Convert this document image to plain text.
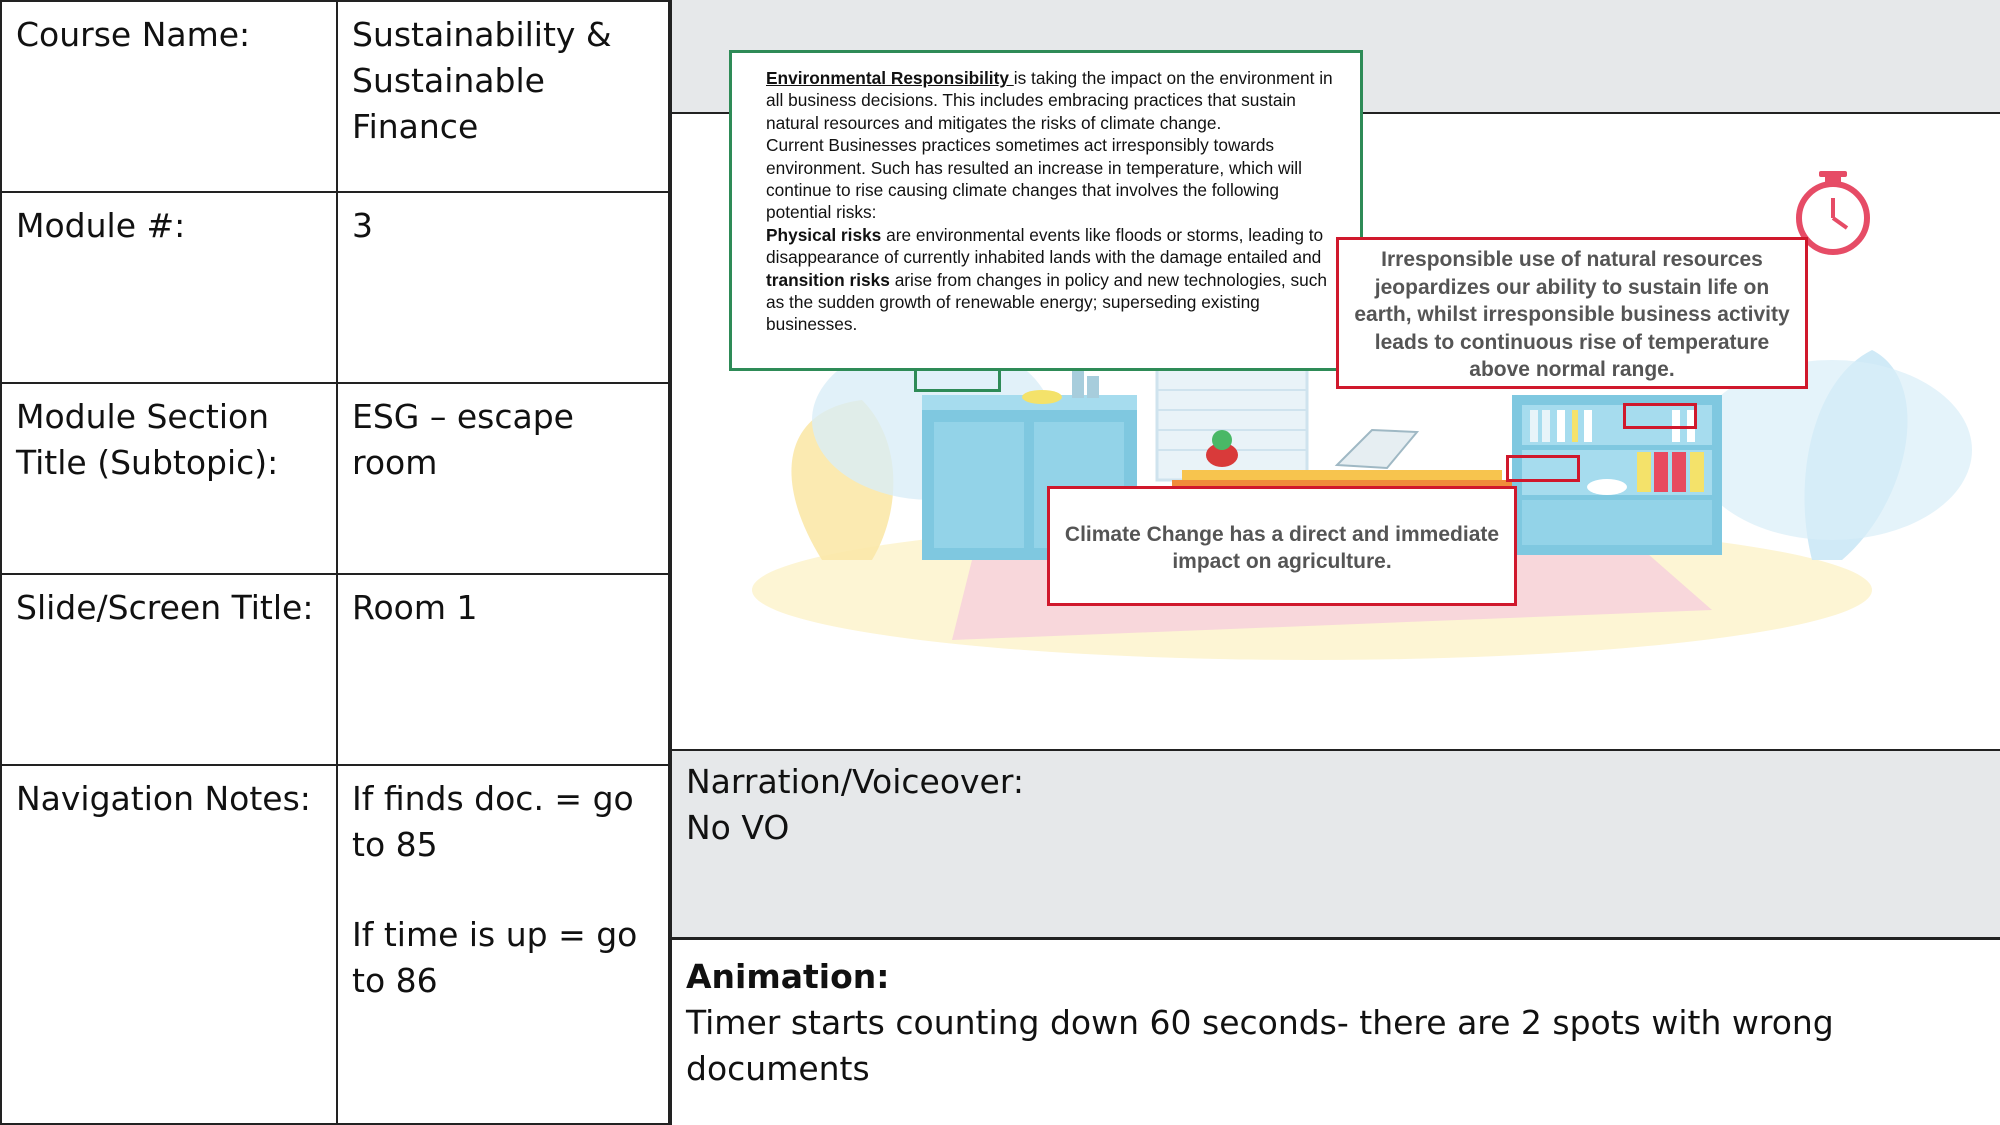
Course Name:	Sustainability & Sustainable Finance
Module #:	3
Module Section Title (Subtopic):	ESG – escape room
Slide/Screen Title:	Room 1
Navigation Notes:	If finds doc. = go to 85
If time is up = go to 86
Environmental Responsibility is taking the impact on the environment in all business decisions. This includes embracing practices that sustain natural resources and mitigates the risks of climate change.
Current Businesses practices sometimes act irresponsibly towards environment. Such has resulted an increase in temperature, which will continue to rise causing climate changes that involves the following potential risks:
Physical risks are environmental events like floods or storms, leading to disappearance of currently inhabited lands with the damage entailed and transition risks arise from changes in policy and new technologies, such as the sudden growth of renewable energy; superseding existing businesses.
Irresponsible use of natural resources jeopardizes our ability to sustain life on earth, whilst irresponsible business activity leads to continuous rise of temperature above normal range.
Climate Change has a direct and immediate impact on agriculture.
Narration/Voiceover:
No VO
Animation:
Timer starts counting down 60 seconds- there are 2 spots with wrong documents
